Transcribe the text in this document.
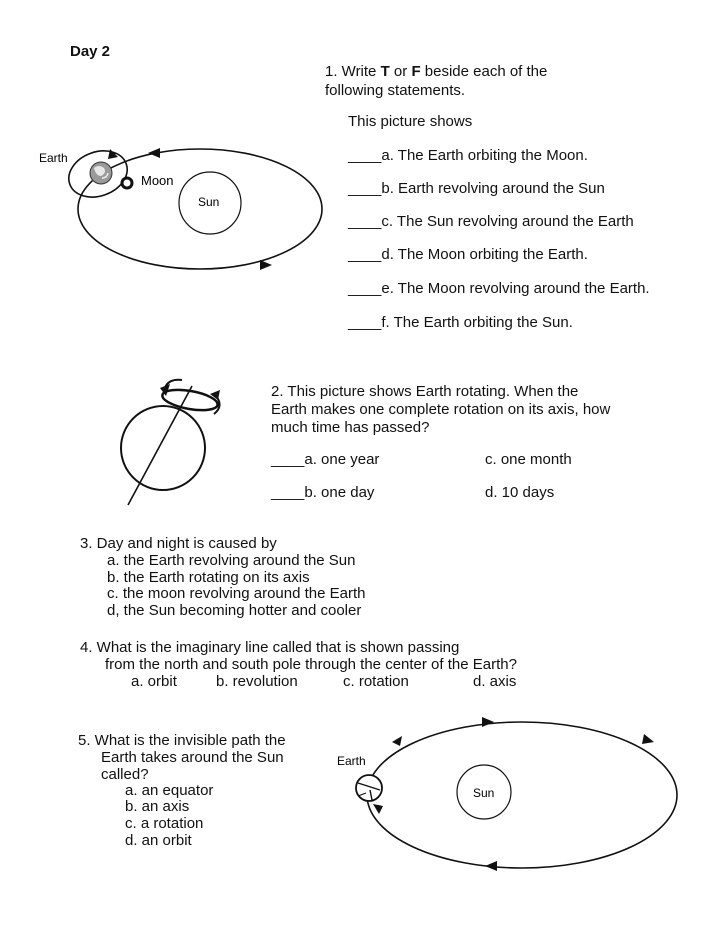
Day 2
1. Write T or F beside each of the
following statements.
This picture shows
____a. The Earth orbiting the Moon.
____b. Earth revolving around the Sun
____c. The Sun revolving around the Earth
____d. The Moon orbiting the Earth.
____e. The Moon revolving around the Earth.
____f. The Earth orbiting the Sun.
Earth
Moon
Sun
2. This picture shows Earth rotating. When the
Earth makes one complete rotation on its axis, how
much time has passed?
____a. one year	c. one month
____b. one day	d. 10 days
3. Day and night is caused by
a. the Earth revolving around the Sun
b. the Earth rotating on its axis
c. the moon revolving around the Earth
d, the Sun becoming hotter and cooler
4. What is the imaginary line called that is shown passing
from the north and south pole through the center of the Earth?
a. orbit	b. revolution	c. rotation	d. axis
5. What is the invisible path the
Earth takes around the Sun
called?
a. an equator
b. an axis
c. a rotation
d. an orbit
Earth
Sun
